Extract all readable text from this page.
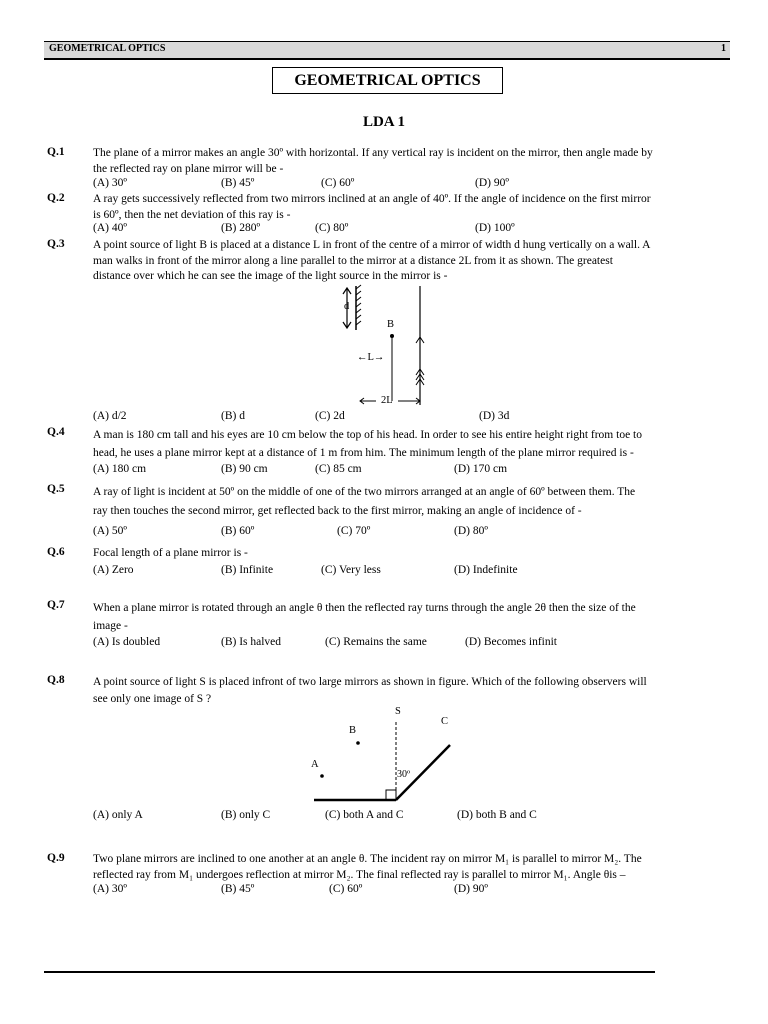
GEOMETRICAL OPTICS	1
GEOMETRICAL OPTICS
LDA 1
Q.1 The plane of a mirror makes an angle 30º with horizontal. If any vertical ray is incident on the mirror, then angle made by
the reflected ray on plane mirror will be -
(A) 30º	(B) 45º	(C) 60º	(D) 90º
Q.2 A ray gets successively reflected from two mirrors inclined at an angle of 40º. If the angle of incidence on the first mirror
is 60º, then the net deviation of this ray is -
(A) 40º	(B) 280º	(C) 80º	(D) 100º
Q.3 A point source of light B is placed at a distance L in front of the centre of a mirror of width d hung vertically on a wall. A
man walks in front of the mirror along a line parallel to the mirror at a distance 2L from it as shown. The greatest
distance over which he can see the image of the light source in the mirror is -
d
B
←L→
2L
(A) d/2	(B) d	(C) 2d	(D) 3d
Q.4 A man is 180 cm tall and his eyes are 10 cm below the top of his head. In order to see his entire height right from toe to
head, he uses a plane mirror kept at a distance of 1 m from him. The minimum length of the plane mirror required is -
(A) 180 cm	(B) 90 cm	(C) 85 cm	(D) 170 cm
Q.5 A ray of light is incident at 50º on the middle of one of the two mirrors arranged at an angle of 60º between them. The
ray then touches the second mirror, get reflected back to the first mirror, making an angle of incidence of -
(A) 50º	(B) 60º	(C) 70º	(D) 80º
Q.6 Focal length of a plane mirror is -
(A) Zero	(B) Infinite	(C) Very less	(D) Indefinite
Q.7 When a plane mirror is rotated through an angle θ then the reflected ray turns through the angle 2θ then the size of the
image -
(A) Is doubled	(B) Is halved	(C) Remains the same	(D) Becomes infinit
Q.8 A point source of light S is placed infront of two large mirrors as shown in figure. Which of the following observers will
see only one image of S ?
S
C
B
A
30º
(A) only A	(B) only C	(C) both A and C	(D) both B and C
Q.9 Two plane mirrors are inclined to one another at an angle θ. The incident ray on mirror M₁ is parallel to mirror M₂. The
reflected ray from M₁ undergoes reflection at mirror M₂. The final reflected ray is parallel to mirror M₁. Angle θis –
(A) 30º	(B) 45º	(C) 60º	(D) 90º
